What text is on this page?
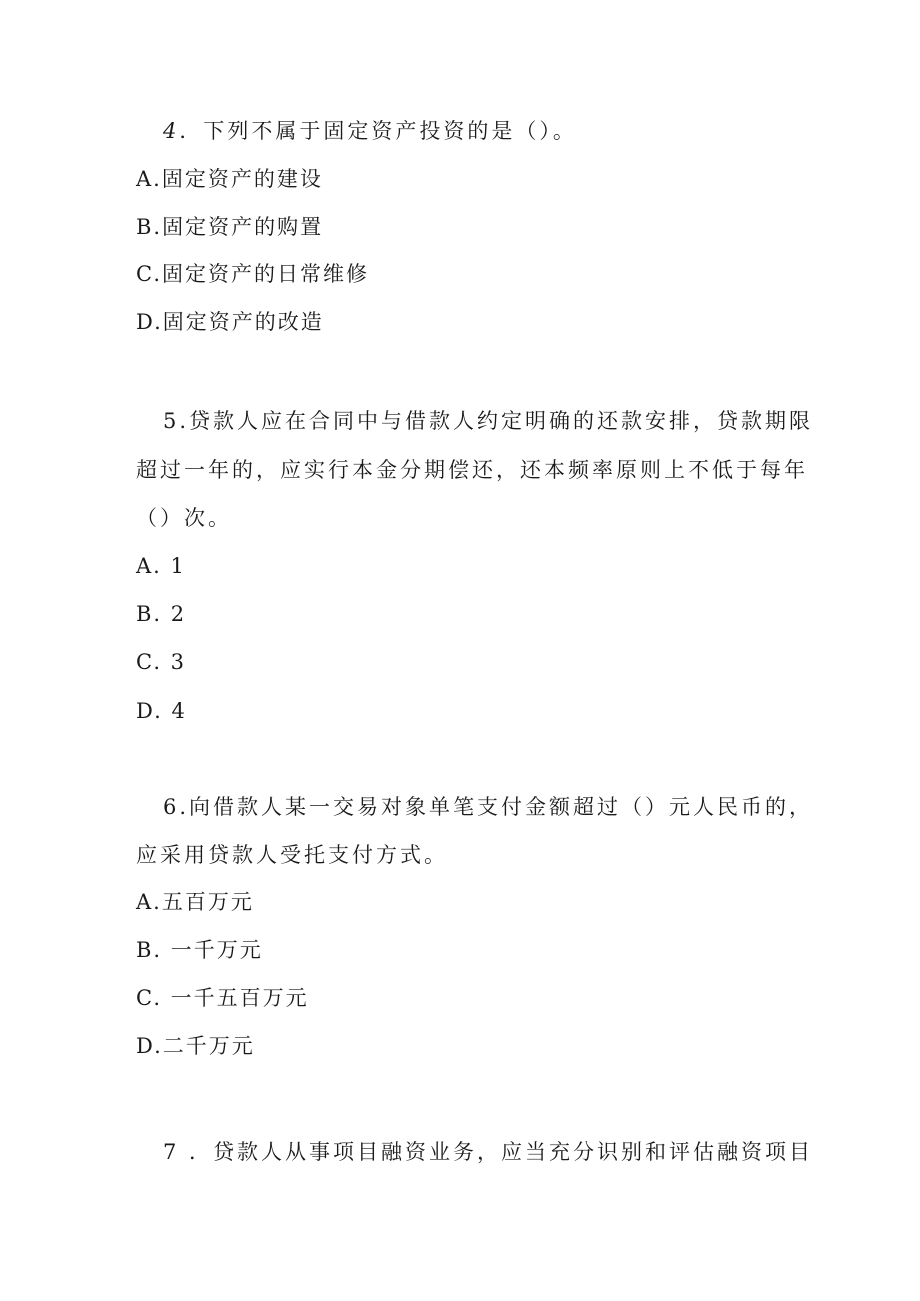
4．下列不属于固定资产投资的是（）。
A.固定资产的建设
B.固定资产的购置
C.固定资产的日常维修
D.固定资产的改造
5.贷款人应在合同中与借款人约定明确的还款安排，贷款期限
超过一年的，应实行本金分期偿还，还本频率原则上不低于每年
（）次。
A. 1
B. 2
C. 3
D. 4
6.向借款人某一交易对象单笔支付金额超过（）元人民币的，
应采用贷款人受托支付方式。
A.五百万元
B. 一千万元
C. 一千五百万元
D.二千万元
7 ．贷款人从事项目融资业务，应当充分识别和评估融资项目
